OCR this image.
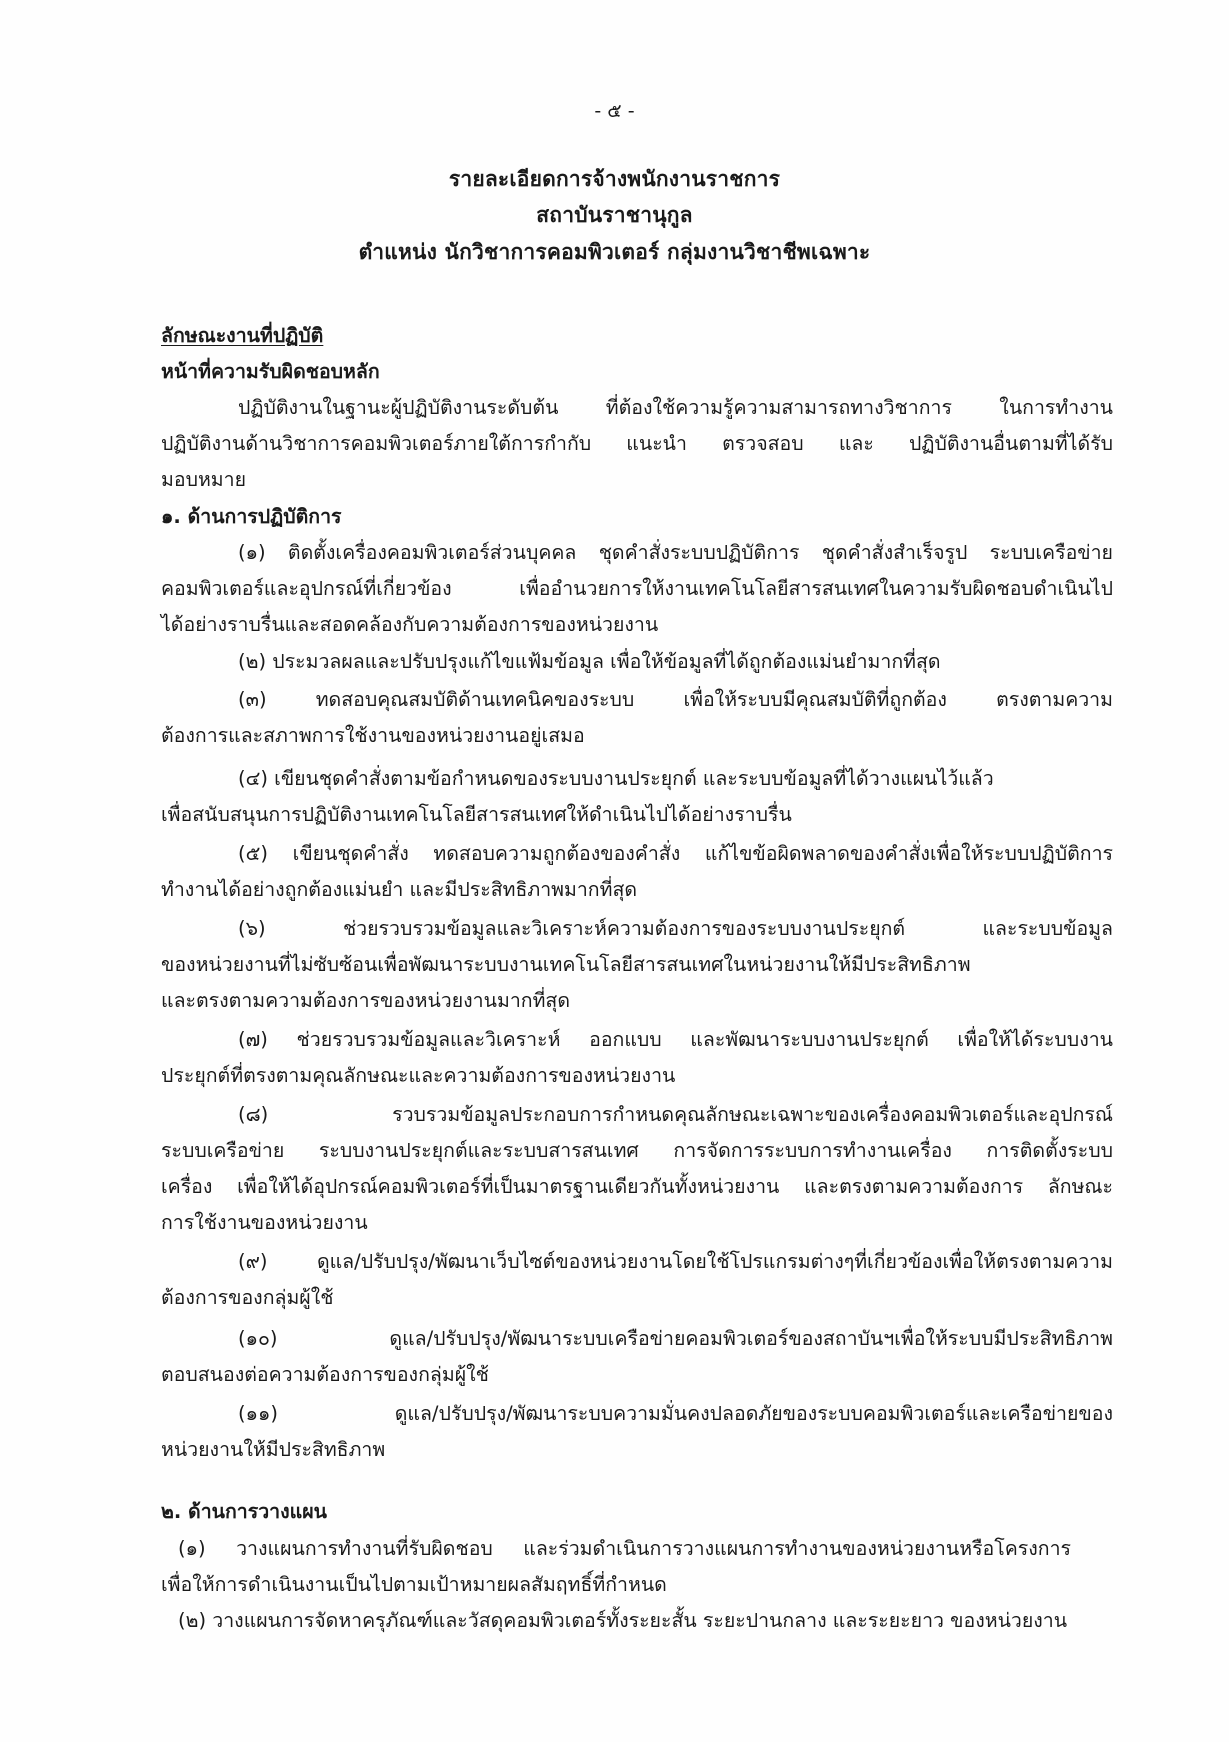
- ๕ -
รายละเอียดการจ้างพนักงานราชการ
สถาบันราชานุกูล
ตำแหน่ง นักวิชาการคอมพิวเตอร์ กลุ่มงานวิชาชีพเฉพาะ
ลักษณะงานที่ปฏิบัติ
หน้าที่ความรับผิดชอบหลัก
ปฏิบัติงานในฐานะผู้ปฏิบัติงานระดับต้น ที่ต้องใช้ความรู้ความสามารถทางวิชาการ ในการทำงาน
ปฏิบัติงานด้านวิชาการคอมพิวเตอร์ภายใต้การกำกับ แนะนำ ตรวจสอบ และ ปฏิบัติงานอื่นตามที่ได้รับ
มอบหมาย
๑. ด้านการปฏิบัติการ
(๑) ติดตั้งเครื่องคอมพิวเตอร์ส่วนบุคคล ชุดคำสั่งระบบปฏิบัติการ ชุดคำสั่งสำเร็จรูป ระบบเครือข่าย
คอมพิวเตอร์และอุปกรณ์ที่เกี่ยวข้อง เพื่ออำนวยการให้งานเทคโนโลยีสารสนเทศในความรับผิดชอบดำเนินไป
ได้อย่างราบรื่นและสอดคล้องกับความต้องการของหน่วยงาน
(๒) ประมวลผลและปรับปรุงแก้ไขแฟ้มข้อมูล เพื่อให้ข้อมูลที่ได้ถูกต้องแม่นยำมากที่สุด
(๓) ทดสอบคุณสมบัติด้านเทคนิคของระบบ เพื่อให้ระบบมีคุณสมบัติที่ถูกต้อง ตรงตามความ
ต้องการและสภาพการใช้งานของหน่วยงานอยู่เสมอ
(๔) เขียนชุดคำสั่งตามข้อกำหนดของระบบงานประยุกต์ และระบบข้อมูลที่ได้วางแผนไว้แล้ว
เพื่อสนับสนุนการปฏิบัติงานเทคโนโลยีสารสนเทศให้ดำเนินไปได้อย่างราบรื่น
(๕) เขียนชุดคำสั่ง ทดสอบความถูกต้องของคำสั่ง แก้ไขข้อผิดพลาดของคำสั่งเพื่อให้ระบบปฏิบัติการ
ทำงานได้อย่างถูกต้องแม่นยำ และมีประสิทธิภาพมากที่สุด
(๖) ช่วยรวบรวมข้อมูลและวิเคราะห์ความต้องการของระบบงานประยุกต์ และระบบข้อมูล
ของหน่วยงานที่ไม่ซับซ้อนเพื่อพัฒนาระบบงานเทคโนโลยีสารสนเทศในหน่วยงานให้มีประสิทธิภาพ
และตรงตามความต้องการของหน่วยงานมากที่สุด
(๗) ช่วยรวบรวมข้อมูลและวิเคราะห์ ออกแบบ และพัฒนาระบบงานประยุกต์ เพื่อให้ได้ระบบงาน
ประยุกต์ที่ตรงตามคุณลักษณะและความต้องการของหน่วยงาน
(๘) รวบรวมข้อมูลประกอบการกำหนดคุณลักษณะเฉพาะของเครื่องคอมพิวเตอร์และอุปกรณ์
ระบบเครือข่าย ระบบงานประยุกต์และระบบสารสนเทศ การจัดการระบบการทำงานเครื่อง การติดตั้งระบบ
เครื่อง เพื่อให้ได้อุปกรณ์คอมพิวเตอร์ที่เป็นมาตรฐานเดียวกันทั้งหน่วยงาน และตรงตามความต้องการ ลักษณะ
การใช้งานของหน่วยงาน
(๙) ดูแล/ปรับปรุง/พัฒนาเว็บไซต์ของหน่วยงานโดยใช้โปรแกรมต่างๆที่เกี่ยวข้องเพื่อให้ตรงตามความ
ต้องการของกลุ่มผู้ใช้
(๑๐) ดูแล/ปรับปรุง/พัฒนาระบบเครือข่ายคอมพิวเตอร์ของสถาบันฯเพื่อให้ระบบมีประสิทธิภาพ
ตอบสนองต่อความต้องการของกลุ่มผู้ใช้
(๑๑) ดูแล/ปรับปรุง/พัฒนาระบบความมั่นคงปลอดภัยของระบบคอมพิวเตอร์และเครือข่ายของ
หน่วยงานให้มีประสิทธิภาพ
๒. ด้านการวางแผน
(๑) วางแผนการทำงานที่รับผิดชอบ และร่วมดำเนินการวางแผนการทำงานของหน่วยงานหรือโครงการ
เพื่อให้การดำเนินงานเป็นไปตามเป้าหมายผลสัมฤทธิ์ที่กำหนด
(๒) วางแผนการจัดหาครุภัณฑ์และวัสดุคอมพิวเตอร์ทั้งระยะสั้น ระยะปานกลาง และระยะยาว ของหน่วยงาน
